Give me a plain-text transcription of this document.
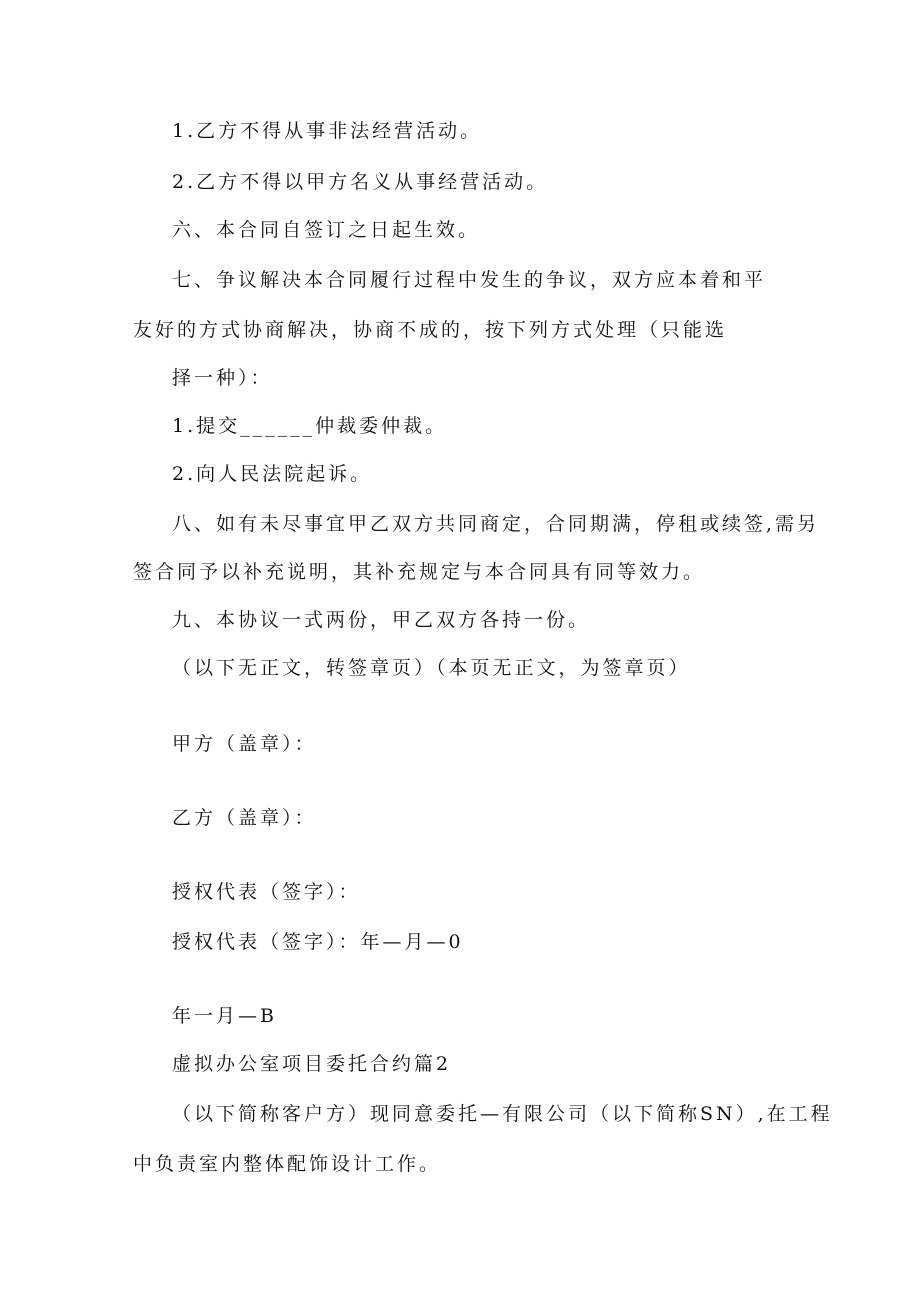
1.乙方不得从事非法经营活动。
2.乙方不得以甲方名义从事经营活动。
六、本合同自签订之日起生效。
七、争议解决本合同履行过程中发生的争议，双方应本着和平
友好的方式协商解决，协商不成的，按下列方式处理（只能选
择一种）：
1.提交______仲裁委仲裁。
2.向人民法院起诉。
八、如有未尽事宜甲乙双方共同商定，合同期满，停租或续签,需另
签合同予以补充说明，其补充规定与本合同具有同等效力。
九、本协议一式两份，甲乙双方各持一份。
（以下无正文，转签章页）（本页无正文，为签章页）
甲方（盖章）：
乙方（盖章）：
授权代表（签字）：
授权代表（签字）：年—月—0
年一月—B
虚拟办公室项目委托合约篇2
（以下简称客户方）现同意委托—有限公司（以下简称SN）,在工程
中负责室内整体配饰设计工作。
